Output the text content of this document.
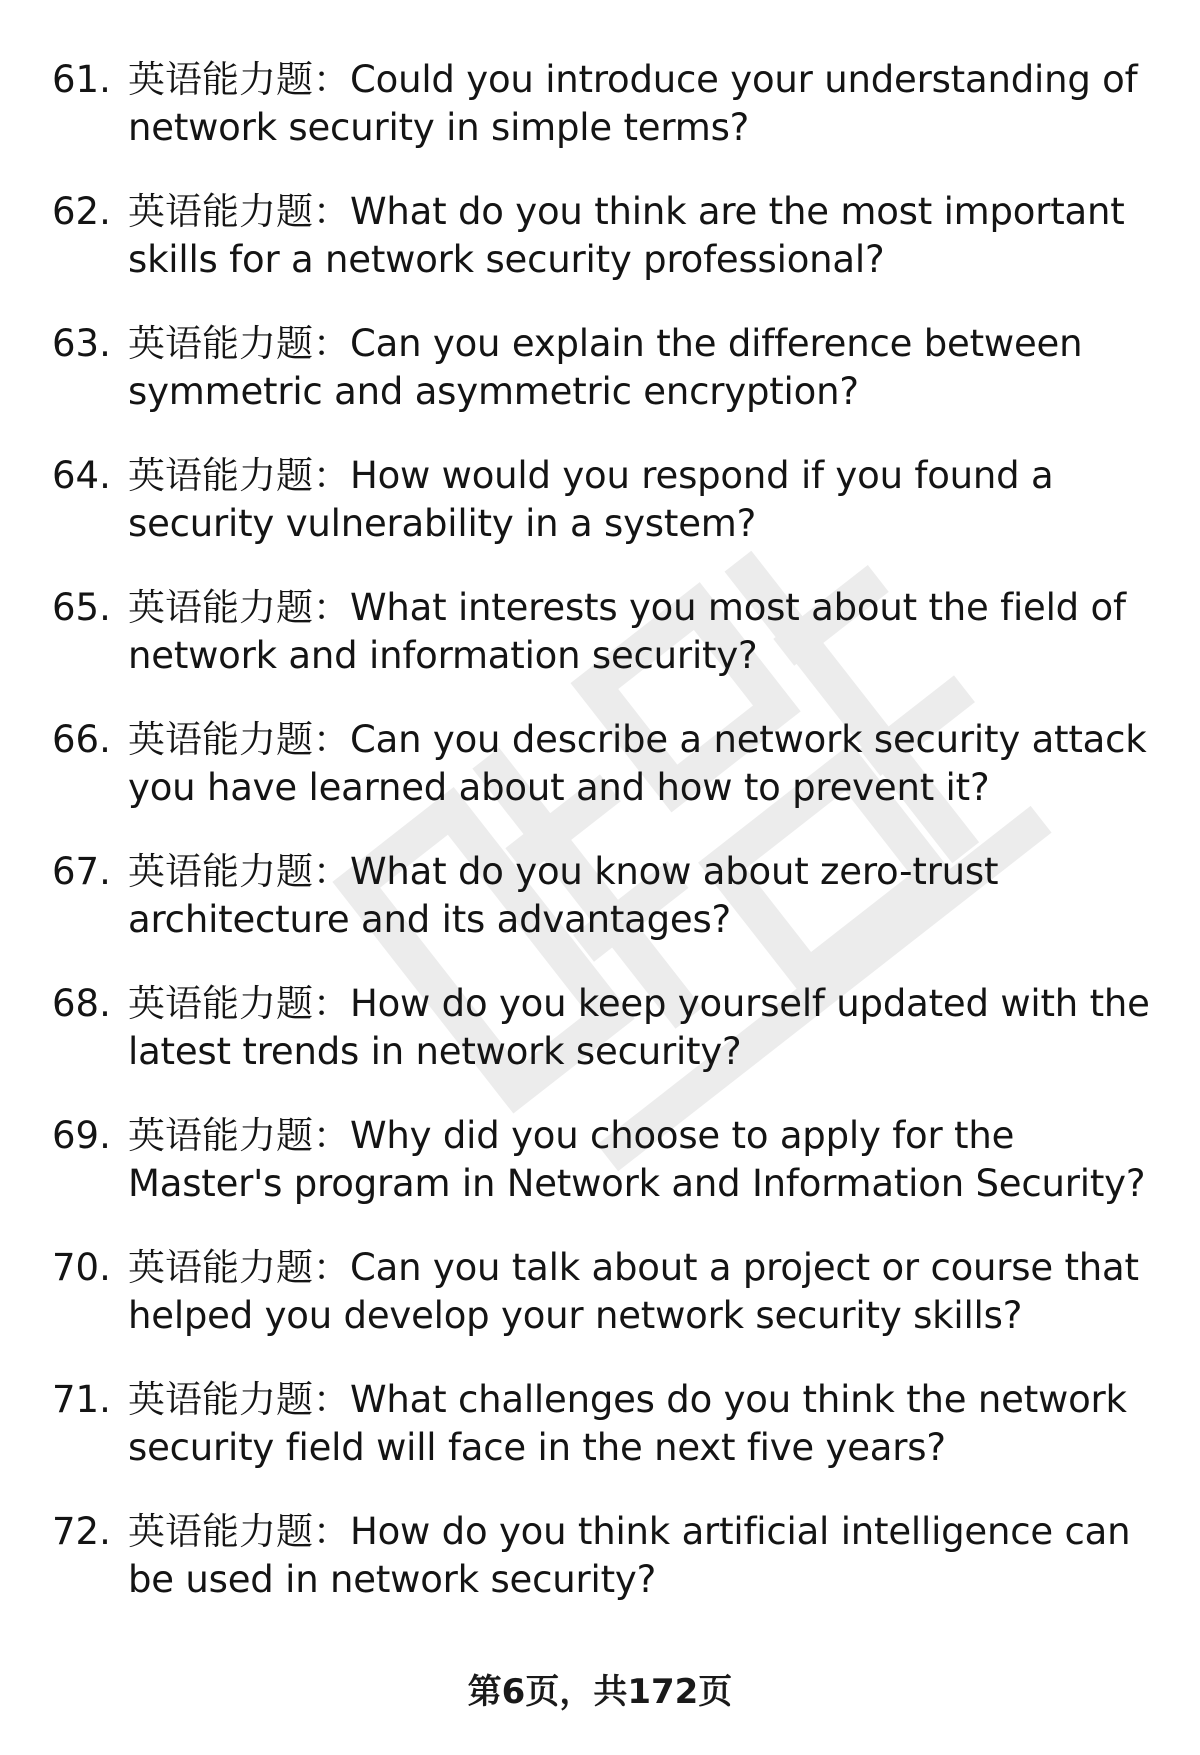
61. 英语能力题：Could you introduce your understanding of network security in simple terms?
62. 英语能力题：What do you think are the most important skills for a network security professional?
63. 英语能力题：Can you explain the difference between symmetric and asymmetric encryption?
64. 英语能力题：How would you respond if you found a security vulnerability in a system?
65. 英语能力题：What interests you most about the field of network and information security?
66. 英语能力题：Can you describe a network security attack you have learned about and how to prevent it?
67. 英语能力题：What do you know about zero-trust architecture and its advantages?
68. 英语能力题：How do you keep yourself updated with the latest trends in network security?
69. 英语能力题：Why did you choose to apply for the Master's program in Network and Information Security?
70. 英语能力题：Can you talk about a project or course that helped you develop your network security skills?
71. 英语能力题：What challenges do you think the network security field will face in the next five years?
72. 英语能力题：How do you think artificial intelligence can be used in network security?
第6页，共172页
